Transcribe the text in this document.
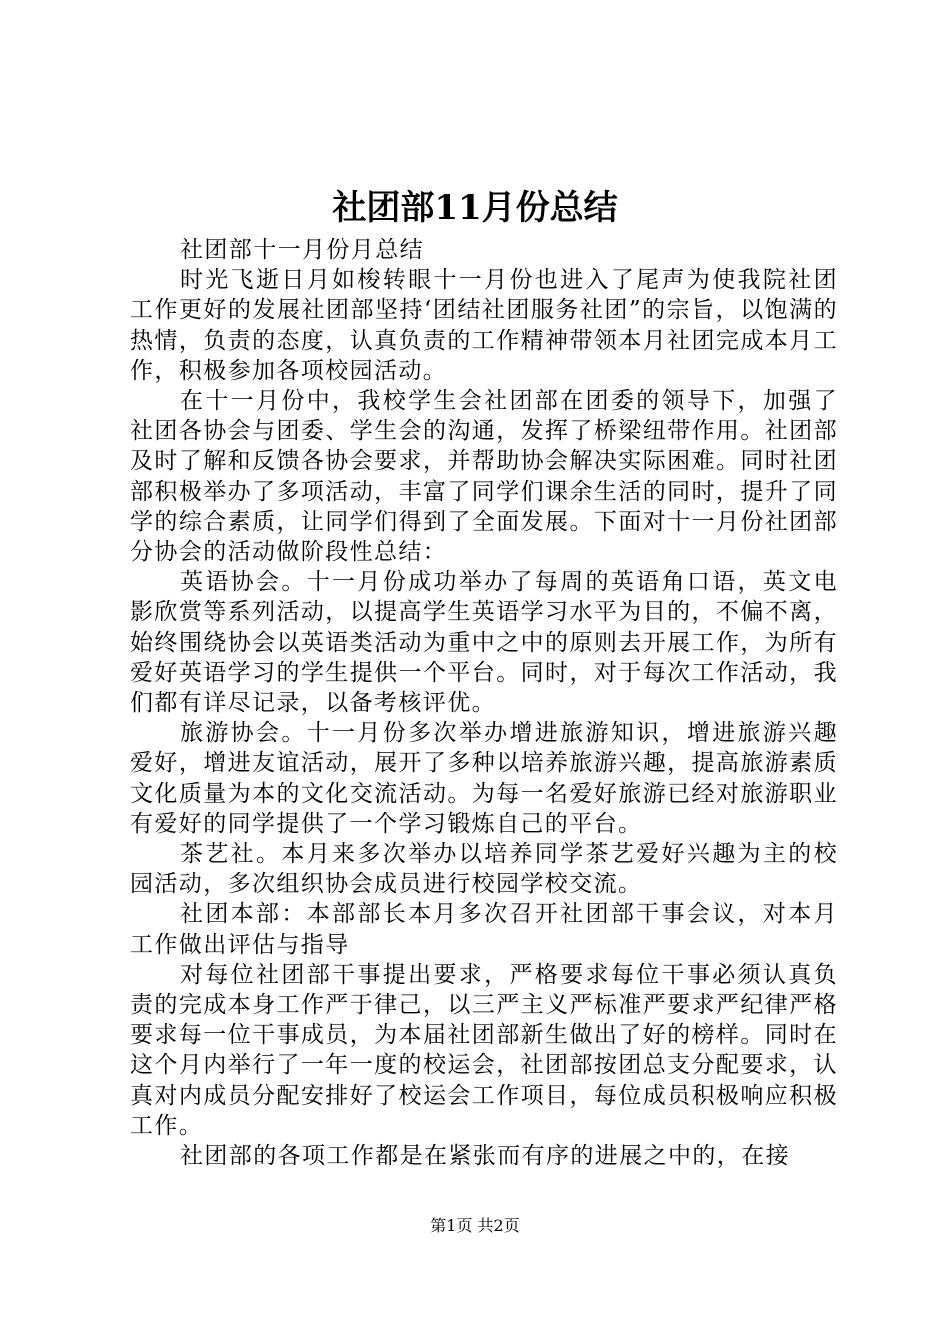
社团部11月份总结

社团部十一月份月总结

时光飞逝日月如梭转眼十一月份也进入了尾声为使我院社团工作更好的发展社团部坚持‘团结社团服务社团”的宗旨，以饱满的热情，负责的态度，认真负责的工作精神带领本月社团完成本月工作，积极参加各项校园活动。

在十一月份中，我校学生会社团部在团委的领导下，加强了社团各协会与团委、学生会的沟通，发挥了桥梁纽带作用。社团部及时了解和反馈各协会要求，并帮助协会解决实际困难。同时社团部积极举办了多项活动，丰富了同学们课余生活的同时，提升了同学的综合素质，让同学们得到了全面发展。下面对十一月份社团部分协会的活动做阶段性总结：

英语协会。十一月份成功举办了每周的英语角口语，英文电影欣赏等系列活动，以提高学生英语学习水平为目的，不偏不离，始终围绕协会以英语类活动为重中之中的原则去开展工作，为所有爱好英语学习的学生提供一个平台。同时，对于每次工作活动，我们都有详尽记录，以备考核评优。

旅游协会。十一月份多次举办增进旅游知识，增进旅游兴趣爱好，增进友谊活动，展开了多种以培养旅游兴趣，提高旅游素质文化质量为本的文化交流活动。为每一名爱好旅游已经对旅游职业有爱好的同学提供了一个学习锻炼自己的平台。

茶艺社。本月来多次举办以培养同学茶艺爱好兴趣为主的校园活动，多次组织协会成员进行校园学校交流。

社团本部：本部部长本月多次召开社团部干事会议，对本月工作做出评估与指导

对每位社团部干事提出要求，严格要求每位干事必须认真负责的完成本身工作严于律己，以三严主义严标准严要求严纪律严格要求每一位干事成员，为本届社团部新生做出了好的榜样。同时在这个月内举行了一年一度的校运会，社团部按团总支分配要求，认真对内成员分配安排好了校运会工作项目，每位成员积极响应积极工作。

社团部的各项工作都是在紧张而有序的进展之中的，在接

第1页 共2页
